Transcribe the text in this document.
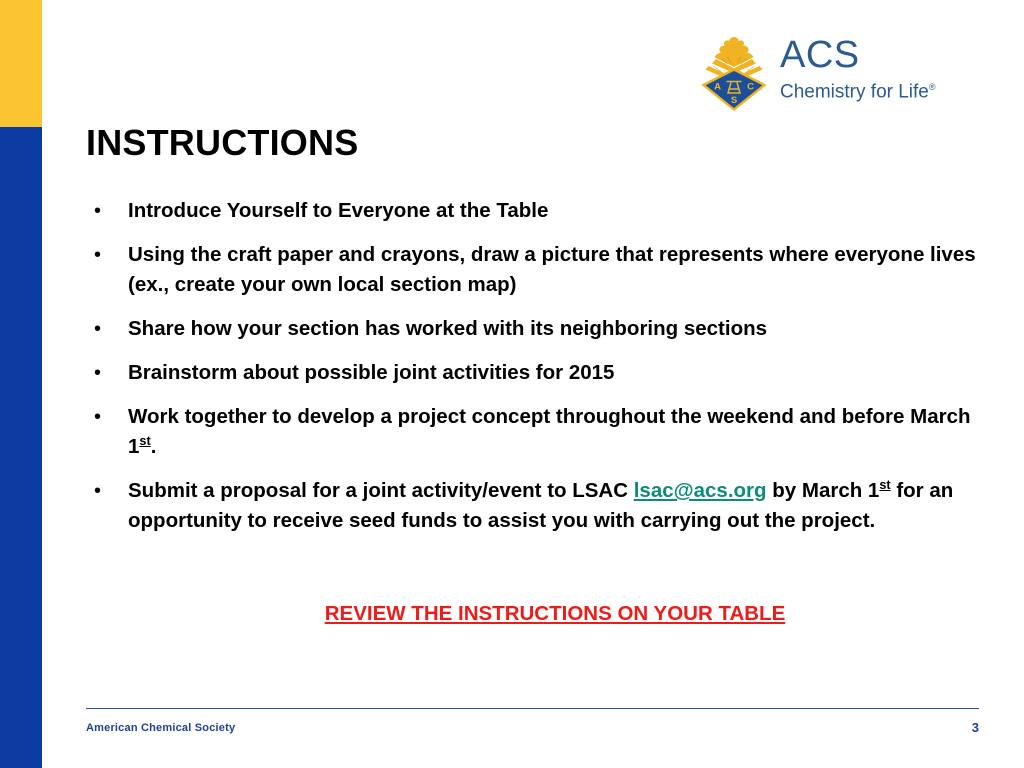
A	C
S
ACS
Chemistry for Life®
INSTRUCTIONS
•	Introduce Yourself to Everyone at the Table
•	Using the craft paper and crayons, draw a picture that represents where everyone lives (ex., create your own local section map)
•	Share how your section has worked with its neighboring sections
•	Brainstorm about possible joint activities for 2015
•	Work together to develop a project concept throughout the weekend and before March 1st.
•	Submit a proposal for a joint activity/event to LSAC lsac@acs.org by March 1st for an opportunity to receive seed funds to assist you with carrying out the project.
REVIEW THE INSTRUCTIONS ON YOUR TABLE
American Chemical Society	3
